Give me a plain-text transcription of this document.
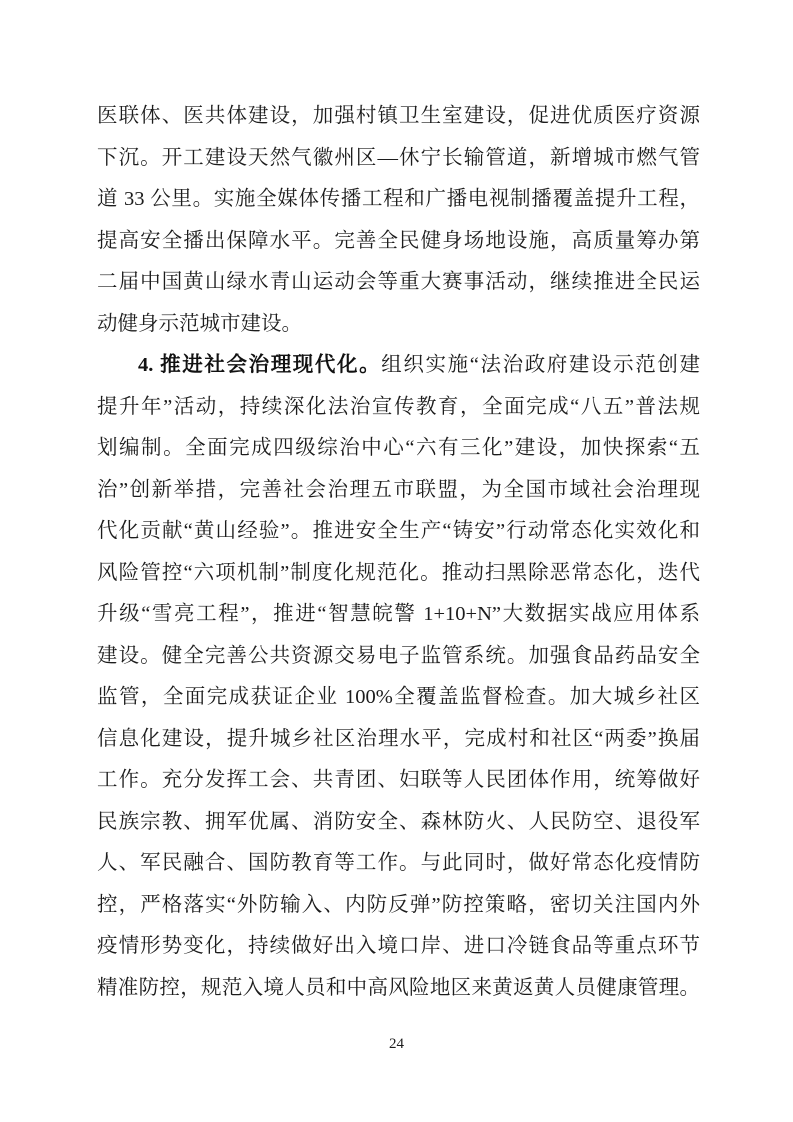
医联体、医共体建设，加强村镇卫生室建设，促进优质医疗资源
下沉。开工建设天然气徽州区—休宁长输管道，新增城市燃气管
道 33 公里。实施全媒体传播工程和广播电视制播覆盖提升工程，
提高安全播出保障水平。完善全民健身场地设施，高质量筹办第
二届中国黄山绿水青山运动会等重大赛事活动，继续推进全民运
动健身示范城市建设。
4. 推进社会治理现代化。组织实施“法治政府建设示范创建
提升年”活动，持续深化法治宣传教育，全面完成“八五”普法规
划编制。全面完成四级综治中心“六有三化”建设，加快探索“五
治”创新举措，完善社会治理五市联盟，为全国市域社会治理现
代化贡献“黄山经验”。推进安全生产“铸安”行动常态化实效化和
风险管控“六项机制”制度化规范化。推动扫黑除恶常态化，迭代
升级“雪亮工程”，推进“智慧皖警 1+10+N”大数据实战应用体系
建设。健全完善公共资源交易电子监管系统。加强食品药品安全
监管，全面完成获证企业 100%全覆盖监督检查。加大城乡社区
信息化建设，提升城乡社区治理水平，完成村和社区“两委”换届
工作。充分发挥工会、共青团、妇联等人民团体作用，统筹做好
民族宗教、拥军优属、消防安全、森林防火、人民防空、退役军
人、军民融合、国防教育等工作。与此同时，做好常态化疫情防
控，严格落实“外防输入、内防反弹”防控策略，密切关注国内外
疫情形势变化，持续做好出入境口岸、进口冷链食品等重点环节
精准防控，规范入境人员和中高风险地区来黄返黄人员健康管理。
24
